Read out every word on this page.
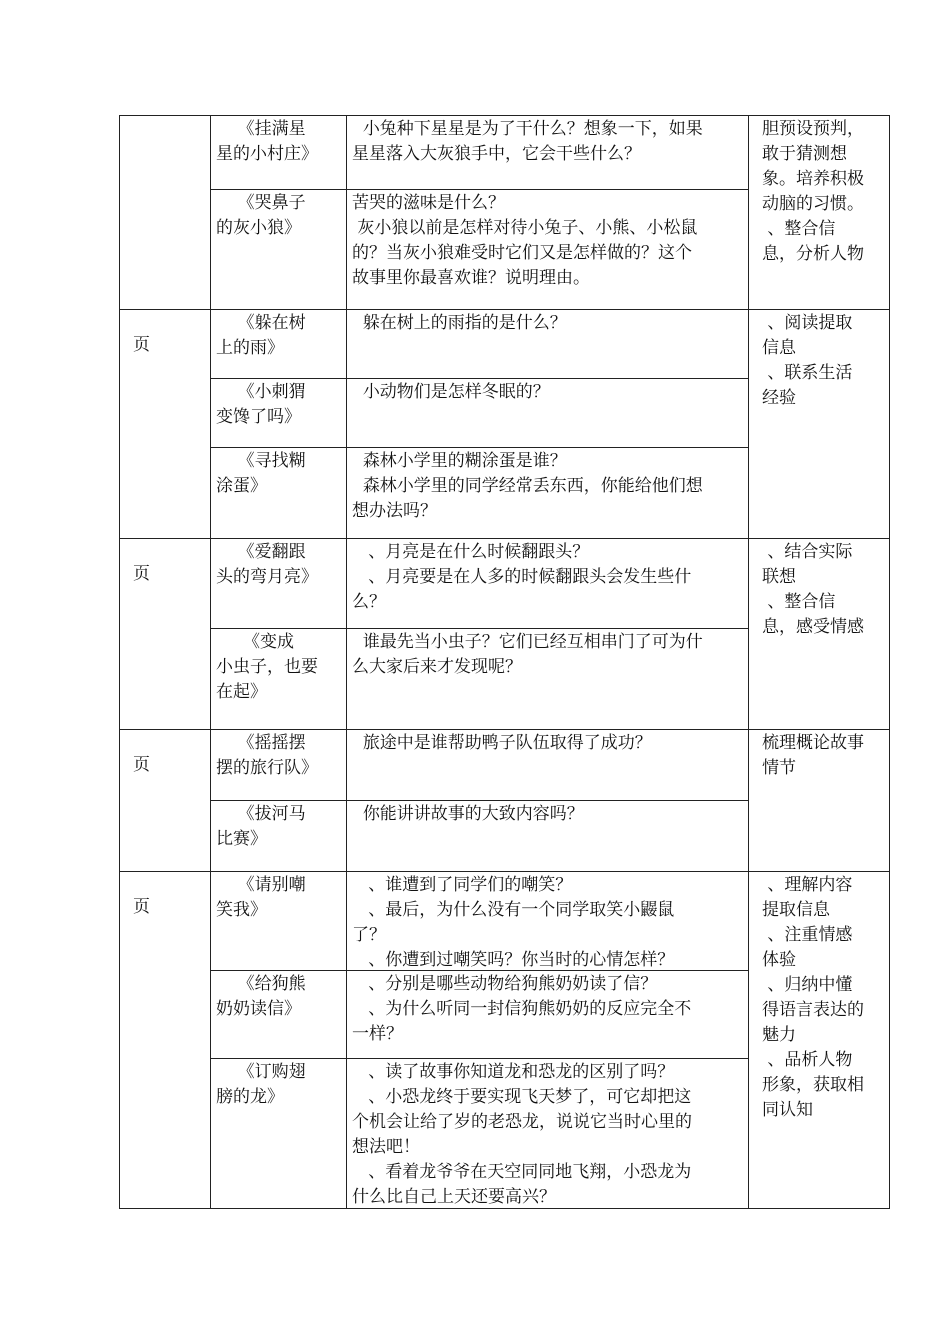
胆预设预判，
敢于猜测想
象。培养积极
动脑的习惯。
、整合信
息，分析人物
《挂满星
星的小村庄》
小兔种下星星是为了干什么？想象一下，如果
星星落入大灰狼手中，它会干些什么？
《哭鼻子
的灰小狼》
苦哭的滋味是什么？
灰小狼以前是怎样对待小兔子、小熊、小松鼠
的？当灰小狼难受时它们又是怎样做的？这个
故事里你最喜欢谁？说明理由。
页
、阅读提取
信息
、联系生活
经验
《躲在树
上的雨》
躲在树上的雨指的是什么？
《小刺猬
变馋了吗》
小动物们是怎样冬眠的？
《寻找糊
涂蛋》
森林小学里的糊涂蛋是谁？
森林小学里的同学经常丢东西，你能给他们想
想办法吗？
页
、结合实际
联想
、整合信
息，感受情感
《爱翻跟
头的弯月亮》
、月亮是在什么时候翻跟头？
、月亮要是在人多的时候翻跟头会发生些什
么？
《变成
小虫子，也要
在起》
谁最先当小虫子？它们已经互相串门了可为什
么大家后来才发现呢？
页
梳理概论故事
情节
《摇摇摆
摆的旅行队》
旅途中是谁帮助鸭子队伍取得了成功？
《拔河马
比赛》
你能讲讲故事的大致内容吗？
页
、理解内容
提取信息
、注重情感
体验
、归纳中懂
得语言表达的
魅力
、品析人物
形象，获取相
同认知
《请别嘲
笑我》
、谁遭到了同学们的嘲笑？
、最后，为什么没有一个同学取笑小鼹鼠
了？
、你遭到过嘲笑吗？你当时的心情怎样？
《给狗熊
奶奶读信》
、分别是哪些动物给狗熊奶奶读了信？
、为什么听同一封信狗熊奶奶的反应完全不
一样？
《订购翅
膀的龙》
、读了故事你知道龙和恐龙的区别了吗？
、小恐龙终于要实现飞天梦了，可它却把这
个机会让给了岁的老恐龙，说说它当时心里的
想法吧！
、看着龙爷爷在天空同同地飞翔，小恐龙为
什么比自己上天还要高兴？
